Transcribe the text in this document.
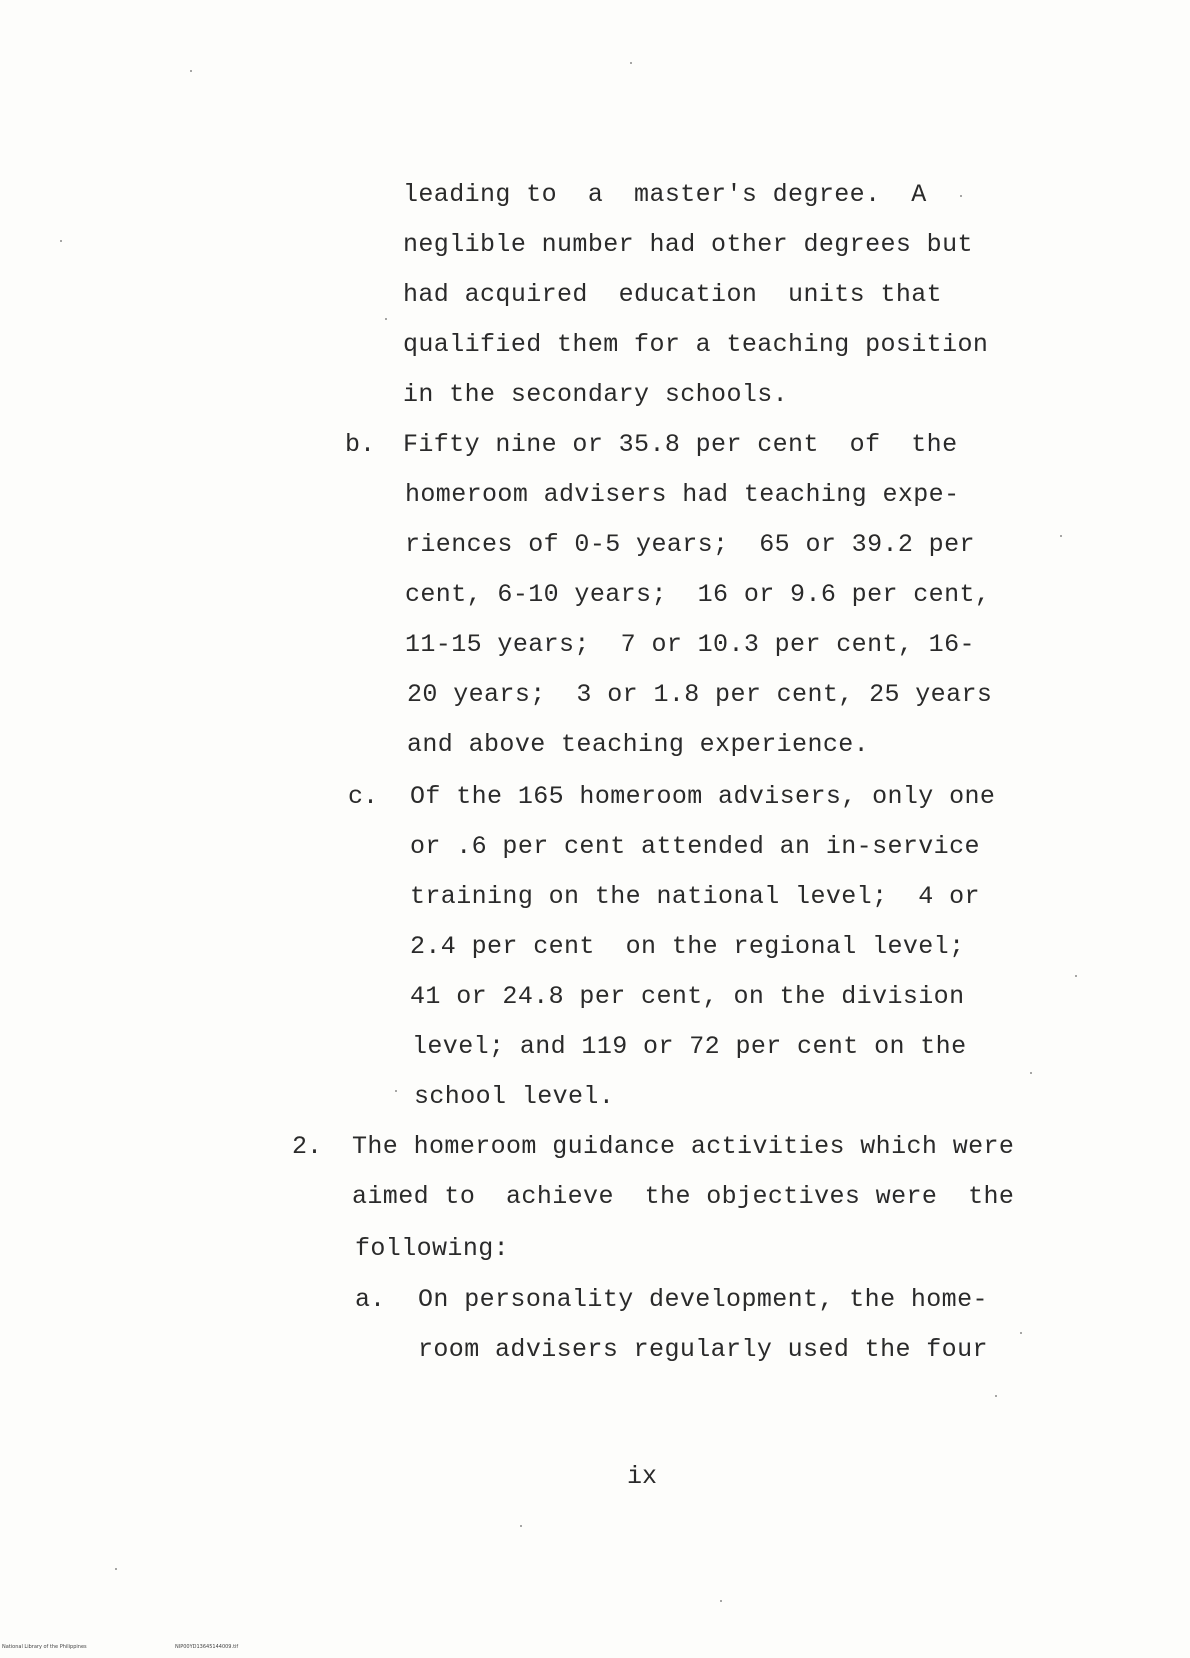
leading to  a  master's degree.  A
neglible number had other degrees but
had acquired  education  units that
qualified them for a teaching position
in the secondary schools.
b. Fifty nine or 35.8 per cent  of  the
homeroom advisers had teaching expe-
riences of 0-5 years;  65 or 39.2 per
cent, 6-10 years;  16 or 9.6 per cent,
11-15 years;  7 or 10.3 per cent, 16-
20 years;  3 or 1.8 per cent, 25 years
and above teaching experience.
c. Of the 165 homeroom advisers, only one
or .6 per cent attended an in-service
training on the national level;  4 or
2.4 per cent  on the regional level;
41 or 24.8 per cent, on the division
level; and 119 or 72 per cent on the
school level.
2. The homeroom guidance activities which were
aimed to  achieve  the objectives were  the
following:
a. On personality development, the home-
room advisers regularly used the four
ix
National Library of the Philippines	NIP00YD13645144009.tif
